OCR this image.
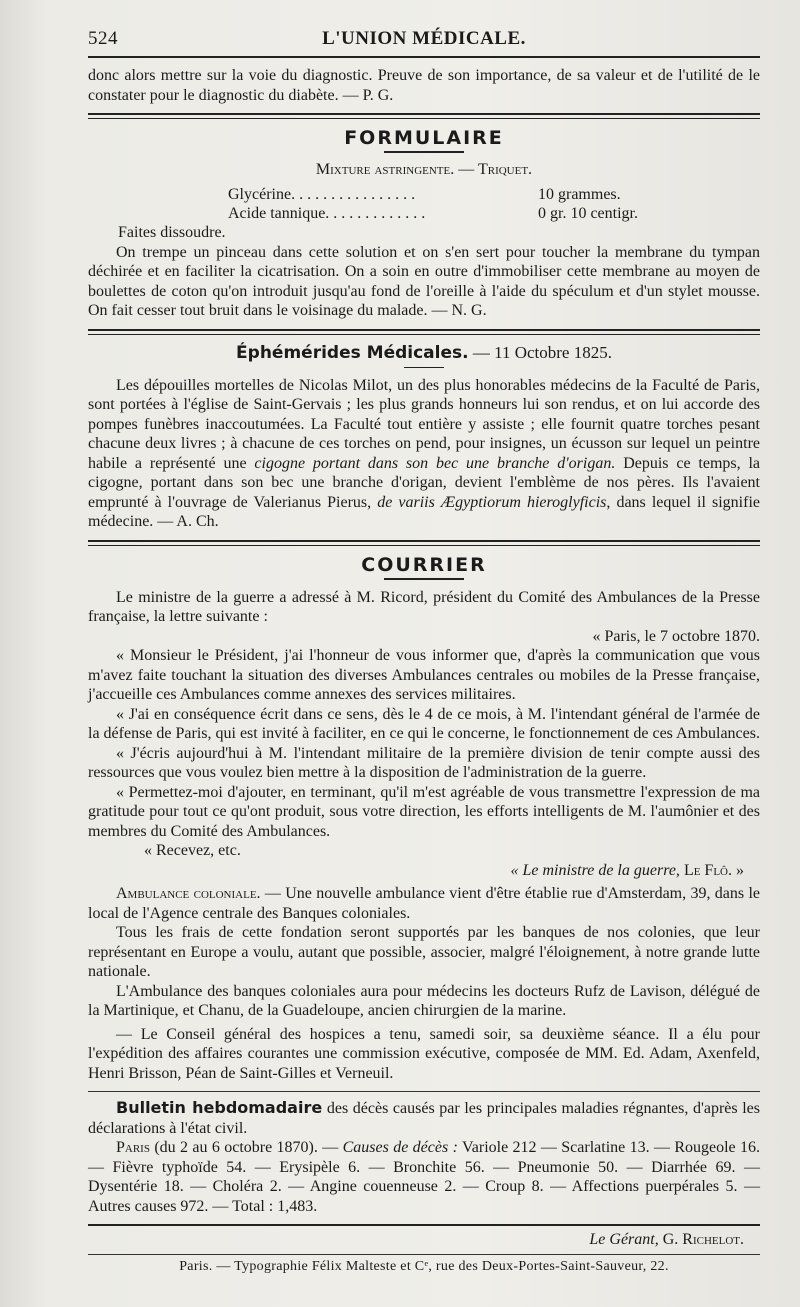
524	L'UNION MÉDICALE.

donc alors mettre sur la voie du diagnostic. Preuve de son importance, de sa valeur et de l'utilité de le constater pour le diagnostic du diabète. — P. G.

FORMULAIRE
Mixture astringente. — Triquet.
Glycérine. . . . . . . . . . . . . . . .	10 grammes.
Acide tannique. . . . . . . . . . . . .	0 gr. 10 centigr.

Faites dissoudre.

On trempe un pinceau dans cette solution et on s'en sert pour toucher la membrane du tympan déchirée et en faciliter la cicatrisation. On a soin en outre d'immobiliser cette membrane au moyen de boulettes de coton qu'on introduit jusqu'au fond de l'oreille à l'aide du spéculum et d'un stylet mousse. On fait cesser tout bruit dans le voisinage du malade. — N. G.

Éphémérides Médicales. — 11 Octobre 1825.

Les dépouilles mortelles de Nicolas Milot, un des plus honorables médecins de la Faculté de Paris, sont portées à l'église de Saint-Gervais ; les plus grands honneurs lui son rendus, et on lui accorde des pompes funèbres inaccoutumées. La Faculté tout entière y assiste ; elle fournit quatre torches pesant chacune deux livres ; à chacune de ces torches on pend, pour insignes, un écusson sur lequel un peintre habile a représenté une cigogne portant dans son bec une branche d'origan. Depuis ce temps, la cigogne, portant dans son bec une branche d'origan, devient l'emblème de nos pères. Ils l'avaient emprunté à l'ouvrage de Valerianus Pierus, de variis Ægyptiorum hieroglyficis, dans lequel il signifie médecine. — A. Ch.

COURRIER

Le ministre de la guerre a adressé à M. Ricord, président du Comité des Ambulances de la Presse française, la lettre suivante :

« Paris, le 7 octobre 1870.

« Monsieur le Président, j'ai l'honneur de vous informer que, d'après la communication que vous m'avez faite touchant la situation des diverses Ambulances centrales ou mobiles de la Presse française, j'accueille ces Ambulances comme annexes des services militaires.

« J'ai en conséquence écrit dans ce sens, dès le 4 de ce mois, à M. l'intendant général de l'armée de la défense de Paris, qui est invité à faciliter, en ce qui le concerne, le fonctionnement de ces Ambulances.

« J'écris aujourd'hui à M. l'intendant militaire de la première division de tenir compte aussi des ressources que vous voulez bien mettre à la disposition de l'administration de la guerre.

« Permettez-moi d'ajouter, en terminant, qu'il m'est agréable de vous transmettre l'expression de ma gratitude pour tout ce qu'ont produit, sous votre direction, les efforts intelligents de M. l'aumônier et des membres du Comité des Ambulances.

« Recevez, etc.

« Le ministre de la guerre, Le Flô. »

Ambulance coloniale. — Une nouvelle ambulance vient d'être établie rue d'Amsterdam, 39, dans le local de l'Agence centrale des Banques coloniales.

Tous les frais de cette fondation seront supportés par les banques de nos colonies, que leur représentant en Europe a voulu, autant que possible, associer, malgré l'éloignement, à notre grande lutte nationale.

L'Ambulance des banques coloniales aura pour médecins les docteurs Rufz de Lavison, délégué de la Martinique, et Chanu, de la Guadeloupe, ancien chirurgien de la marine.

— Le Conseil général des hospices a tenu, samedi soir, sa deuxième séance. Il a élu pour l'expédition des affaires courantes une commission exécutive, composée de MM. Ed. Adam, Axenfeld, Henri Brisson, Péan de Saint-Gilles et Verneuil.

Bulletin hebdomadaire des décès causés par les principales maladies régnantes, d'après les déclarations à l'état civil.

Paris (du 2 au 6 octobre 1870). — Causes de décès : Variole 212 — Scarlatine 13. — Rougeole 16. — Fièvre typhoïde 54. — Erysipèle 6. — Bronchite 56. — Pneumonie 50. — Diarrhée 69. — Dysentérie 18. — Choléra 2. — Angine couenneuse 2. — Croup 8. — Affections puerpérales 5. — Autres causes 972. — Total : 1,483.

Le Gérant, G. Richelot.

Paris. — Typographie Félix Malteste et Cᵉ, rue des Deux-Portes-Saint-Sauveur, 22.
